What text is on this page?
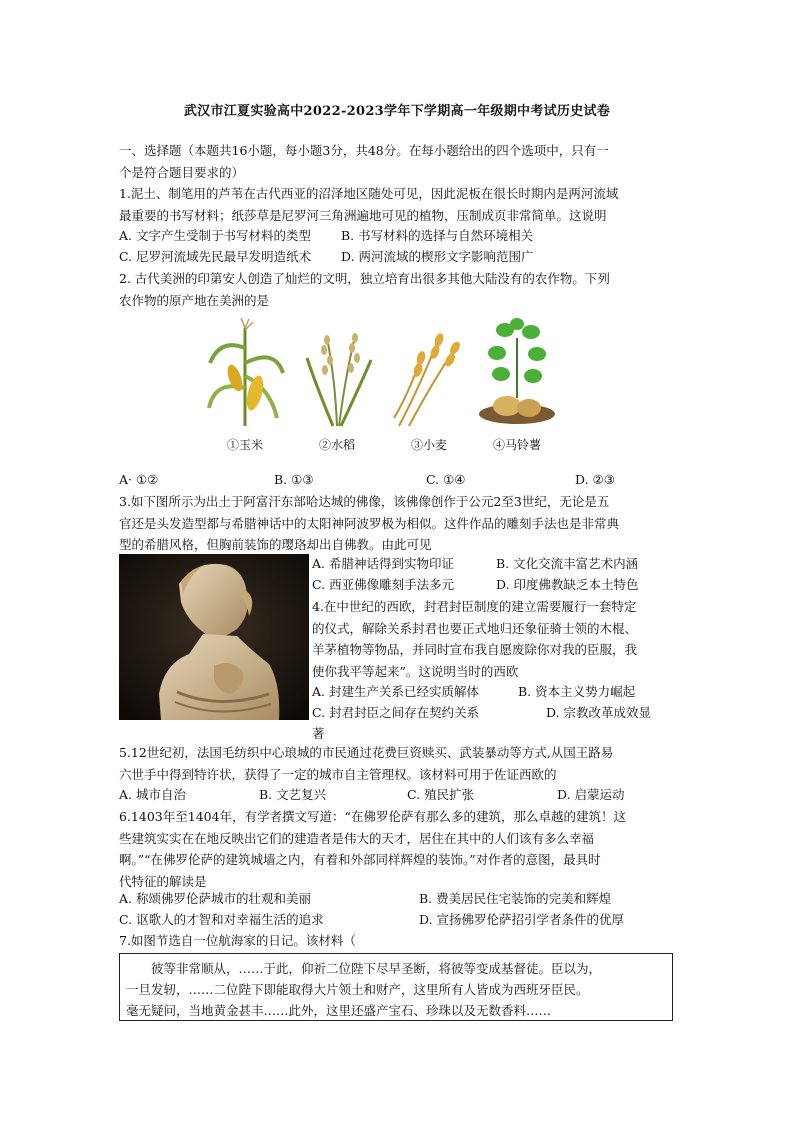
武汉市江夏实验高中2022-2023学年下学期高一年级期中考试历史试卷
一、选择题（本题共16小题，每小题3分，共48分。在每小题给出的四个选项中，只有一
个是符合题目要求的）
1.泥土、制笔用的芦苇在古代西亚的沼泽地区随处可见，因此泥板在很长时期内是两河流域
最重要的书写材料；纸莎草是尼罗河三角洲遍地可见的植物，压制成页非常简单。这说明
A. 文字产生受制于书写材料的类型 B. 书写材料的选择与自然环境相关
C. 尼罗河流域先民最早发明造纸术 D. 两河流域的楔形文字影响范围广
2. 古代美洲的印第安人创造了灿烂的文明，独立培育出很多其他大陆没有的农作物。下列
农作物的原产地在美洲的是
①玉米	②水稻	③小麦	④马铃薯
A· ①②	B. ①③	C. ①④	D. ②③
3.如下图所示为出土于阿富汗东部哈达城的佛像，该佛像创作于公元2至3世纪，无论是五
官还是头发造型都与希腊神话中的太阳神阿波罗极为相似。这件作品的雕刻手法也是非常典
型的希腊风格，但胸前装饰的璎珞却出自佛教。由此可见
A. 希腊神话得到实物印证	B. 文化交流丰富艺术内涵
C. 西亚佛像雕刻手法多元	D. 印度佛教缺乏本土特色
4.在中世纪的西欧，封君封臣制度的建立需要履行一套特定
的仪式，解除关系封君也要正式地归还象征骑士领的木棍、
羊茅植物等物品，并同时宣布我自愿废除你对我的臣服，我
使你我平等起来”。这说明当时的西欧
A. 封建生产关系已经实质解体	B. 资本主义势力崛起
C. 封君封臣之间存在契约关系	D. 宗教改革成效显
著
5.12世纪初，法国毛纺织中心琅城的市民通过花费巨资赎买、武装暴动等方式,从国王路易
六世手中得到特许状，获得了一定的城市自主管理权。该材料可用于佐证西欧的
A. 城市自治	B. 文艺复兴	C. 殖民扩张	D. 启蒙运动
6.1403年至1404年，有学者撰文写道：“在佛罗伦萨有那么多的建筑，那么卓越的建筑！这
些建筑实实在在地反映出它们的建造者是伟大的天才，居住在其中的人们该有多么幸福
啊。”“在佛罗伦萨的建筑城墙之内，有着和外部同样辉煌的装饰。”对作者的意图，最具时
代特征的解读是
A. 称颂佛罗伦萨城市的壮观和美丽	B. 费美居民住宅装饰的完美和辉煌
C. 讴歌人的才智和对幸福生活的追求	D. 宣扬佛罗伦萨招引学者条件的优厚
7.如图节选自一位航海家的日记。该材料（
彼等非常顺从，……于此，仰祈二位陛下尽早圣断，将彼等变成基督徒。臣以为，
一旦发轫，……二位陛下即能取得大片领土和财产，这里所有人皆成为西班牙臣民。
毫无疑问，当地黄金甚丰……此外，这里还盛产宝石、珍珠以及无数香料……
